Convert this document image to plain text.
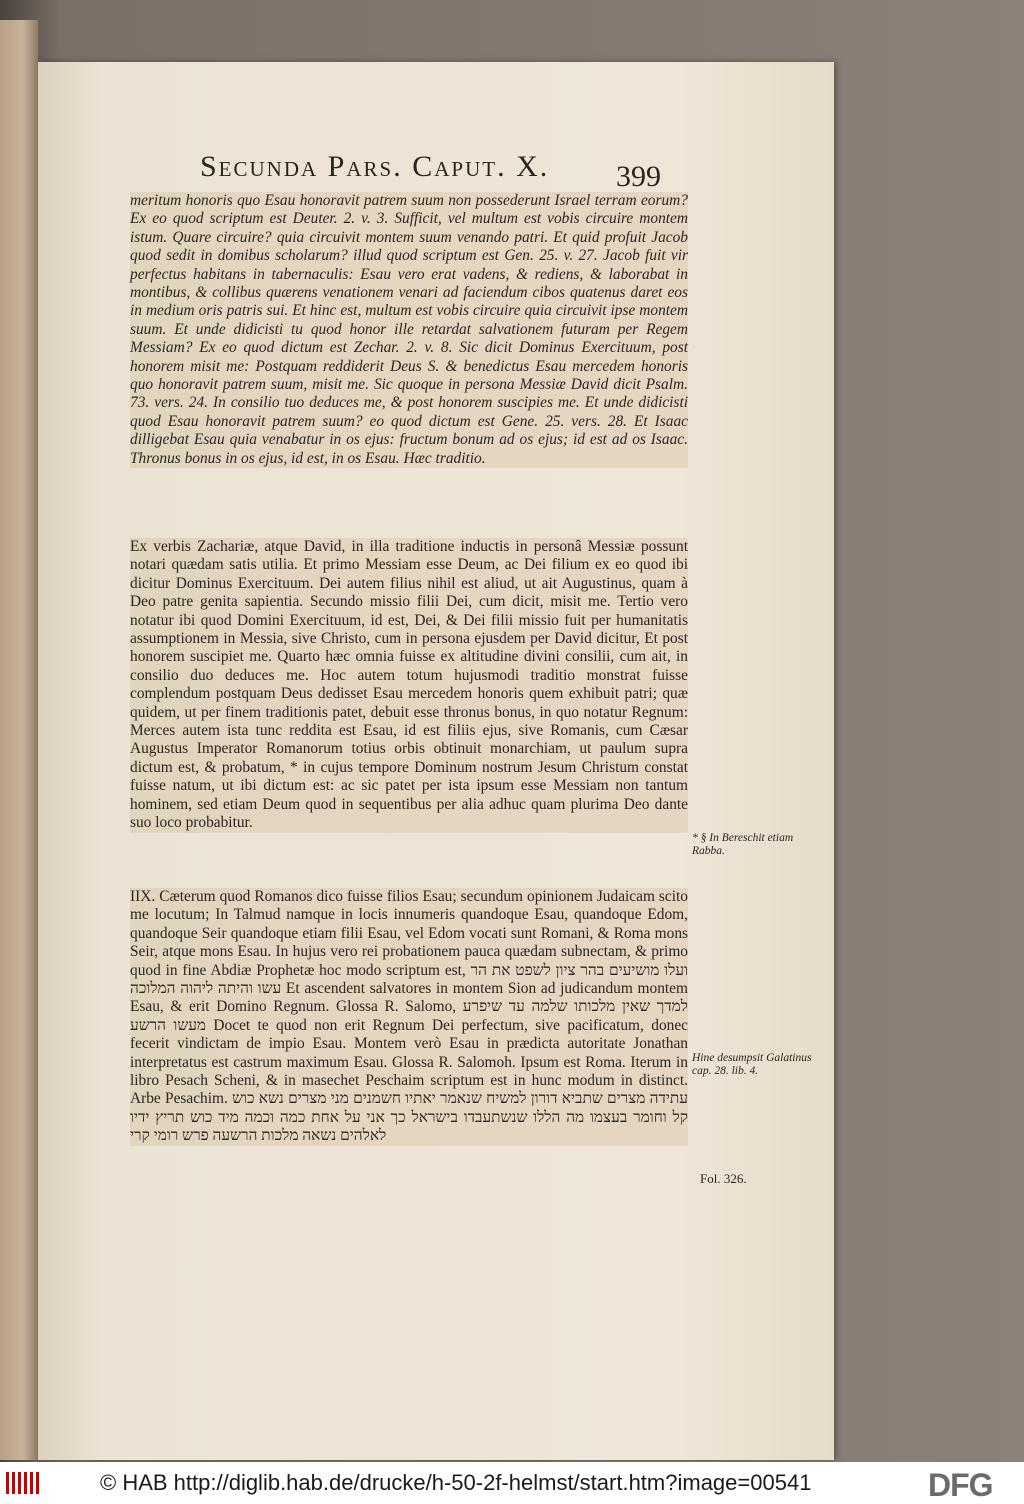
Secunda Pars. Caput. X.	399
meritum honoris quo Esau honoravit patrem suum non possederunt Israel terram eorum? Ex eo quod scriptum est Deuter. 2. v. 3. Sufficit, vel multum est vobis circuire montem istum. Quare circuire? quia circuivit montem suum venando patri. Et quid profuit Jacob quod sedit in domibus scholarum? illud quod scriptum est Gen. 25. v. 27. Jacob fuit vir perfectus habitans in tabernaculis: Esau vero erat vadens, & rediens, & laborabat in montibus, & collibus quærens venationem venari ad faciendum cibos quatenus daret eos in medium oris patris sui. Et hinc est, multum est vobis circuire quia circuivit ipse montem suum. Et unde didicisti tu quod honor ille retardat salvationem futuram per Regem Messiam? Ex eo quod dictum est Zechar. 2. v. 8. Sic dicit Dominus Exercituum, post honorem misit me: Postquam reddiderit Deus S. & benedictus Esau mercedem honoris quo honoravit patrem suum, misit me. Sic quoque in persona Messiæ David dicit Psalm. 73. vers. 24. In consilio tuo deduces me, & post honorem suscipies me. Et unde didicisti quod Esau honoravit patrem suum? eo quod dictum est Gene. 25. vers. 28. Et Isaac dilligebat Esau quia venabatur in os ejus: fructum bonum ad os ejus; id est ad os Isaac. Thronus bonus in os ejus, id est, in os Esau. Hæc traditio.
Ex verbis Zachariæ, atque David, in illa traditione inductis in personâ Messiæ possunt notari quædam satis utilia. Et primo Messiam esse Deum, ac Dei filium ex eo quod ibi dicitur Dominus Exercituum. Dei autem filius nihil est aliud, ut ait Augustinus, quam à Deo patre genita sapientia. Secundo missio filii Dei, cum dicit, misit me. Tertio vero notatur ibi quod Domini Exercituum, id est, Dei, & Dei filii missio fuit per humanitatis assumptionem in Messia, sive Christo, cum in persona ejusdem per David dicitur, Et post honorem suscipiet me. Quarto hæc omnia fuisse ex altitudine divini consilii, cum ait, in consilio duo deduces me. Hoc autem totum hujusmodi traditio monstrat fuisse complendum postquam Deus dedisset Esau mercedem honoris quem exhibuit patri; quæ quidem, ut per finem traditionis patet, debuit esse thronus bonus, in quo notatur Regnum: Merces autem ista tunc reddita est Esau, id est filiis ejus, sive Romanis, cum Cæsar Augustus Imperator Romanorum totius orbis obtinuit monarchiam, ut paulum supra dictum est, & probatum, * in cujus tempore Dominum nostrum Jesum Christum constat fuisse natum, ut ibi dictum est: ac sic patet per ista ipsum esse Messiam non tantum hominem, sed etiam Deum quod in sequentibus per alia adhuc quam plurima Deo dante suo loco probabitur.
IIX. Cæterum quod Romanos dico fuisse filios Esau; secundum opinionem Judaicam scito me locutum; In Talmud namque in locis innumeris quandoque Esau, quandoque Edom, quandoque Seir quandoque etiam filii Esau, vel Edom vocati sunt Romani, & Roma mons Seir, atque mons Esau. In hujus vero rei probationem pauca quædam subnectam, & primo quod in fine Abdiæ Prophetæ hoc modo scriptum est, ועלו מושיעים בהר ציון לשפט את הר עשו והיתה ליהוה המלוכה Et ascendent salvatores in montem Sion ad judicandum montem Esau, & erit Domino Regnum. Glossa R. Salomo, למדך שאין מלכותו שלמה עד שיפרע מעשו הרשע Docet te quod non erit Regnum Dei perfectum, sive pacificatum, donec fecerit vindictam de impio Esau. Montem verò Esau in prædicta autoritate Jonathan interpretatus est castrum maximum Esau. Glossa R. Salomoh. Ipsum est Roma. Iterum in libro Pesach Scheni, & in masechet Peschaim scriptum est in hunc modum in distinct. Arbe Pesachim. עתידה מצרים שתביא דורון למשיח שנאמר יאתיו חשמנים מני מצרים נשא כוש קל וחומר בעצמו מה הללו שנשתעבדו בישראל כך אני על אחת כמה וכמה מיד כוש תריץ ידיו לאלהים נשאה מלכות הרשעה פרש רומי קרי
* § In Bereschit etiam Rabba.
Hine desumpsit Galatinus cap. 28. lib. 4.
Fol. 326.
© HAB http://diglib.hab.de/drucke/h-50-2f-helmst/start.htm?image=00541	DFG
